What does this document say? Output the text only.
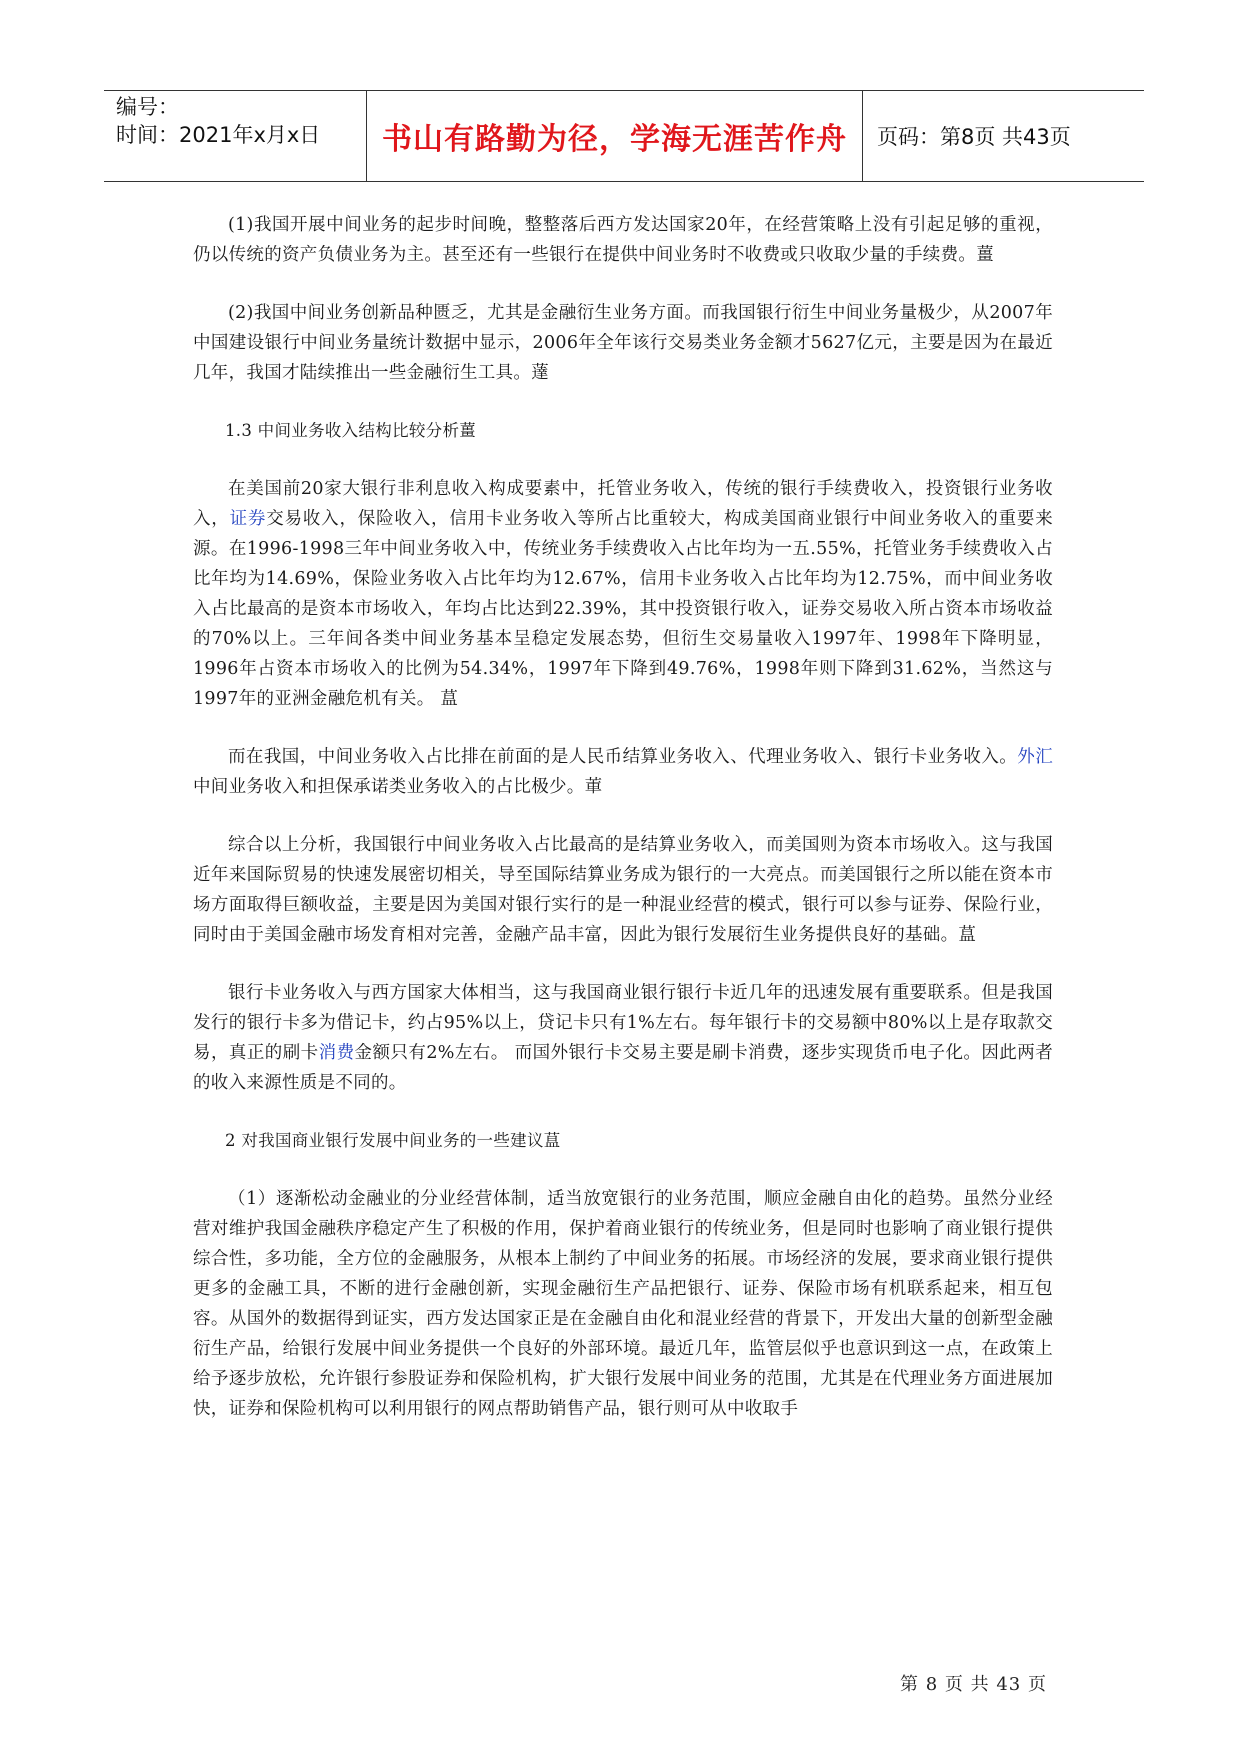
编号：
时间：2021年x月x日	书山有路勤为径，学海无涯苦作舟	页码：第8页 共43页

(1)我国开展中间业务的起步时间晚，整整落后西方发达国家20年，在经营策略上没有引起足够的重视，仍以传统的资产负债业务为主。甚至还有一些银行在提供中间业务时不收费或只收取少量的手续费。薑

(2)我国中间业务创新品种匮乏，尤其是金融衍生业务方面。而我国银行衍生中间业务量极少，从2007年中国建设银行中间业务量统计数据中显示，2006年全年该行交易类业务金额才5627亿元，主要是因为在最近几年，我国才陆续推出一些金融衍生工具。薘

1.3 中间业务收入结构比较分析薑

在美国前20家大银行非利息收入构成要素中，托管业务收入，传统的银行手续费收入，投资银行业务收入，证券交易收入，保险收入，信用卡业务收入等所占比重较大，构成美国商业银行中间业务收入的重要来源。在1996-1998三年中间业务收入中，传统业务手续费收入占比年均为一五.55%，托管业务手续费收入占比年均为14.69%，保险业务收入占比年均为12.67%，信用卡业务收入占比年均为12.75%，而中间业务收入占比最高的是资本市场收入，年均占比达到22.39%，其中投资银行收入，证券交易收入所占资本市场收益的70%以上。三年间各类中间业务基本呈稳定发展态势，但衍生交易量收入1997年、1998年下降明显，1996年占资本市场收入的比例为54.34%，1997年下降到49.76%，1998年则下降到31.62%，当然这与1997年的亚洲金融危机有关。 蒀

而在我国，中间业务收入占比排在前面的是人民币结算业务收入、代理业务收入、银行卡业务收入。外汇中间业务收入和担保承诺类业务收入的占比极少。莗

综合以上分析，我国银行中间业务收入占比最高的是结算业务收入，而美国则为资本市场收入。这与我国近年来国际贸易的快速发展密切相关，导至国际结算业务成为银行的一大亮点。而美国银行之所以能在资本市场方面取得巨额收益，主要是因为美国对银行实行的是一种混业经营的模式，银行可以参与证券、保险行业，同时由于美国金融市场发育相对完善，金融产品丰富，因此为银行发展衍生业务提供良好的基础。蒀

银行卡业务收入与西方国家大体相当，这与我国商业银行银行卡近几年的迅速发展有重要联系。但是我国发行的银行卡多为借记卡，约占95%以上，贷记卡只有1%左右。每年银行卡的交易额中80%以上是存取款交易，真正的刷卡消费金额只有2%左右。 而国外银行卡交易主要是刷卡消费，逐步实现货币电子化。因此两者的收入来源性质是不同的。

2 对我国商业银行发展中间业务的一些建议蒀

（1）逐渐松动金融业的分业经营体制，适当放宽银行的业务范围，顺应金融自由化的趋势。虽然分业经营对维护我国金融秩序稳定产生了积极的作用，保护着商业银行的传统业务，但是同时也影响了商业银行提供综合性，多功能，全方位的金融服务，从根本上制约了中间业务的拓展。市场经济的发展，要求商业银行提供更多的金融工具，不断的进行金融创新，实现金融衍生产品把银行、证券、保险市场有机联系起来，相互包容。从国外的数据得到证实，西方发达国家正是在金融自由化和混业经营的背景下，开发出大量的创新型金融衍生产品，给银行发展中间业务提供一个良好的外部环境。最近几年，监管层似乎也意识到这一点，在政策上给予逐步放松，允许银行参股证券和保险机构，扩大银行发展中间业务的范围，尤其是在代理业务方面进展加快，证券和保险机构可以利用银行的网点帮助销售产品，银行则可从中收取手

第 8 页 共 43 页
